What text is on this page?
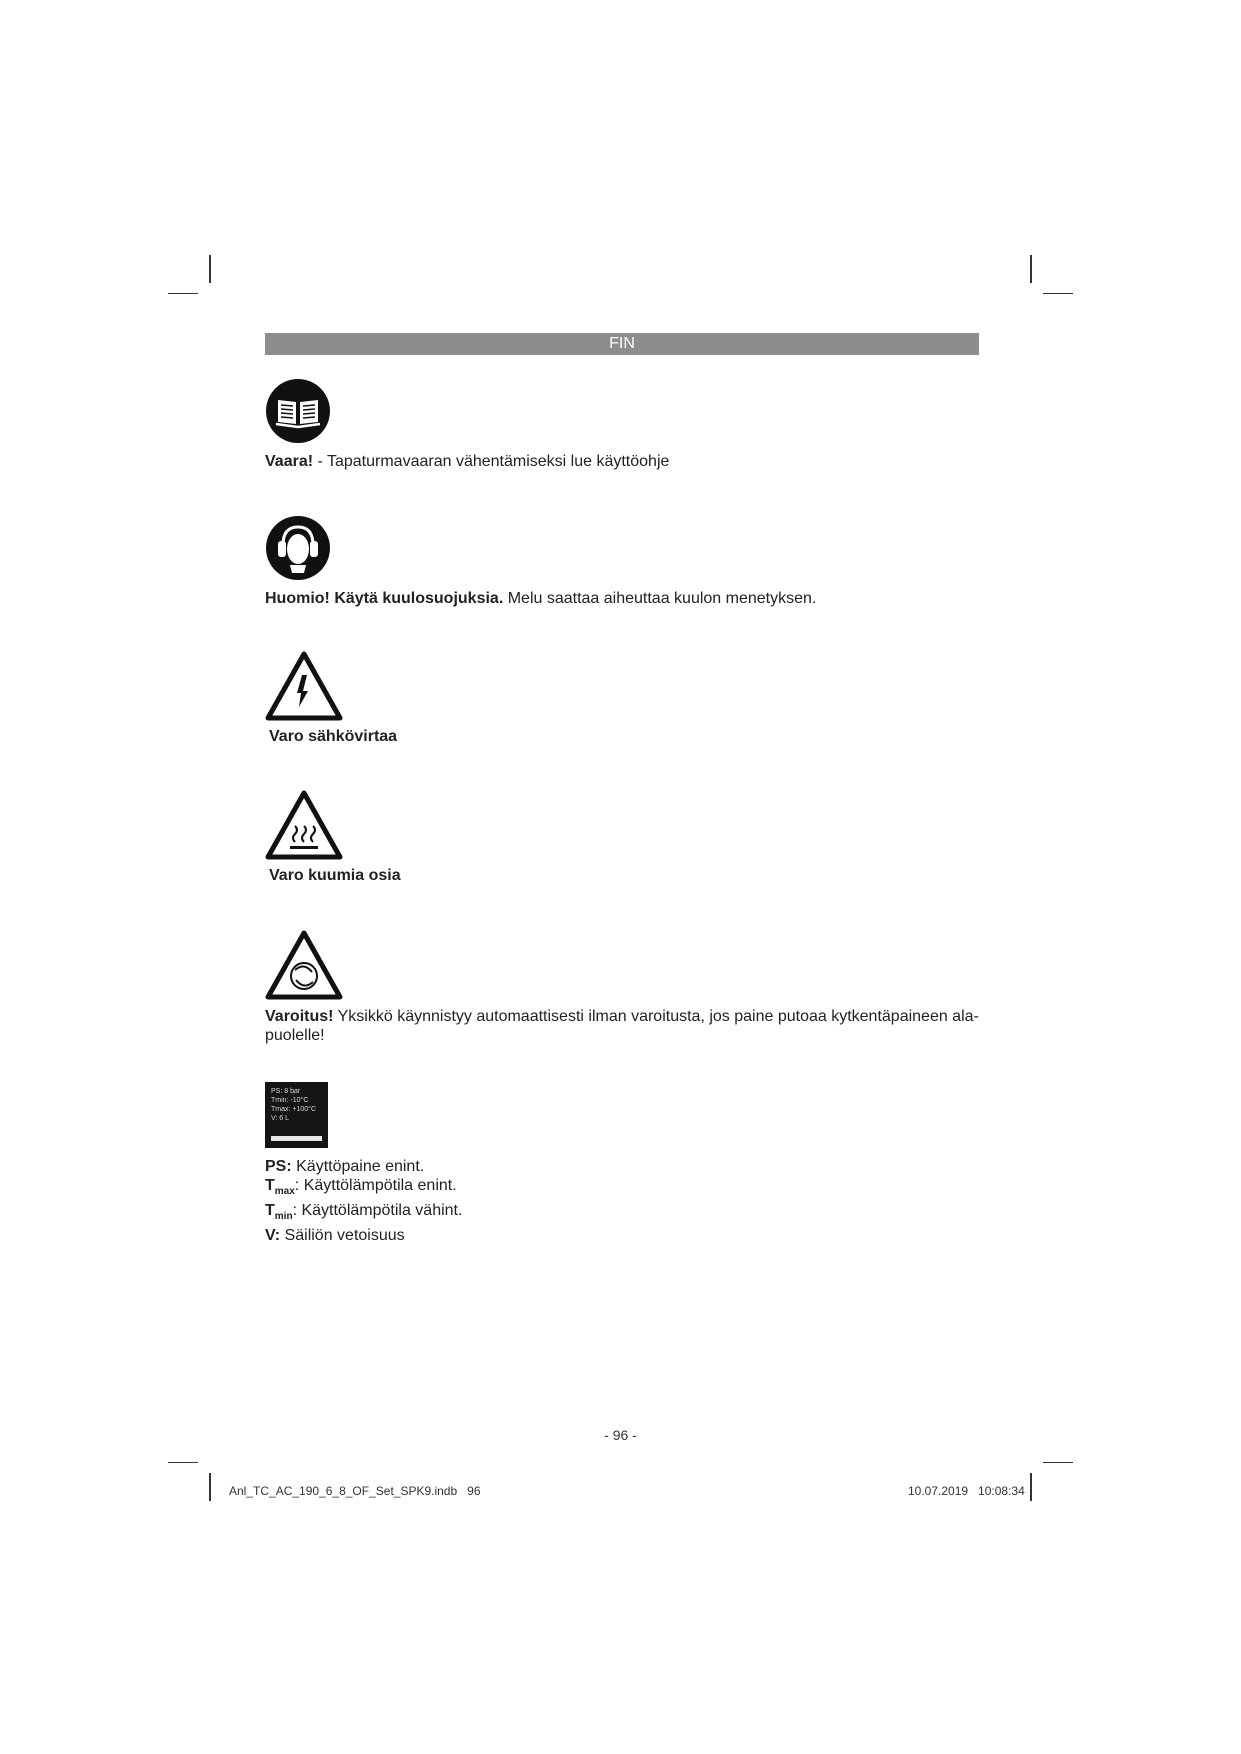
FIN
Vaara! - Tapaturmavaaran vähentämiseksi lue käyttöohje
Huomio! Käytä kuulosuojuksia. Melu saattaa aiheuttaa kuulon menetyksen.
Varo sähkövirtaa
Varo kuumia osia
Varoitus! Yksikkö käynnistyy automaattisesti ilman varoitusta, jos paine putoaa kytkentäpaineen ala-
puolelle!
PS: 8 bar
Tmin: -10°C
Tmax: +100°C
V: 6 L
PS: Käyttöpaine enint.
$T_{max}$: Käyttölämpötila enint.
$T_{min}$: Käyttölämpötila vähint.
V: Säiliön vetoisuus
- 96 -
Anl_TC_AC_190_6_8_OF_Set_SPK9.indb   96	10.07.2019   10:08:34
